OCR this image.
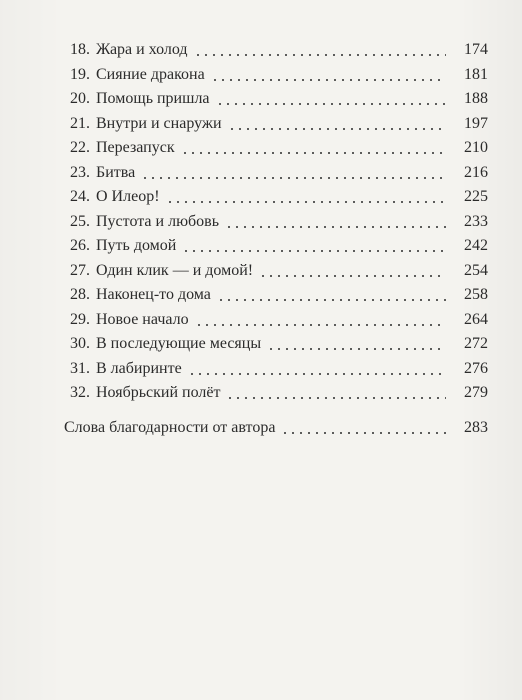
18. Жара и холод	174
19. Сияние дракона	181
20. Помощь пришла	188
21. Внутри и снаружи	197
22. Перезапуск	210
23. Битва	216
24. О Илеор!	225
25. Пустота и любовь	233
26. Путь домой	242
27. Один клик — и домой!	254
28. Наконец-то дома	258
29. Новое начало	264
30. В последующие месяцы	272
31. В лабиринте	276
32. Ноябрьский полёт	279
Слова благодарности от автора	283
